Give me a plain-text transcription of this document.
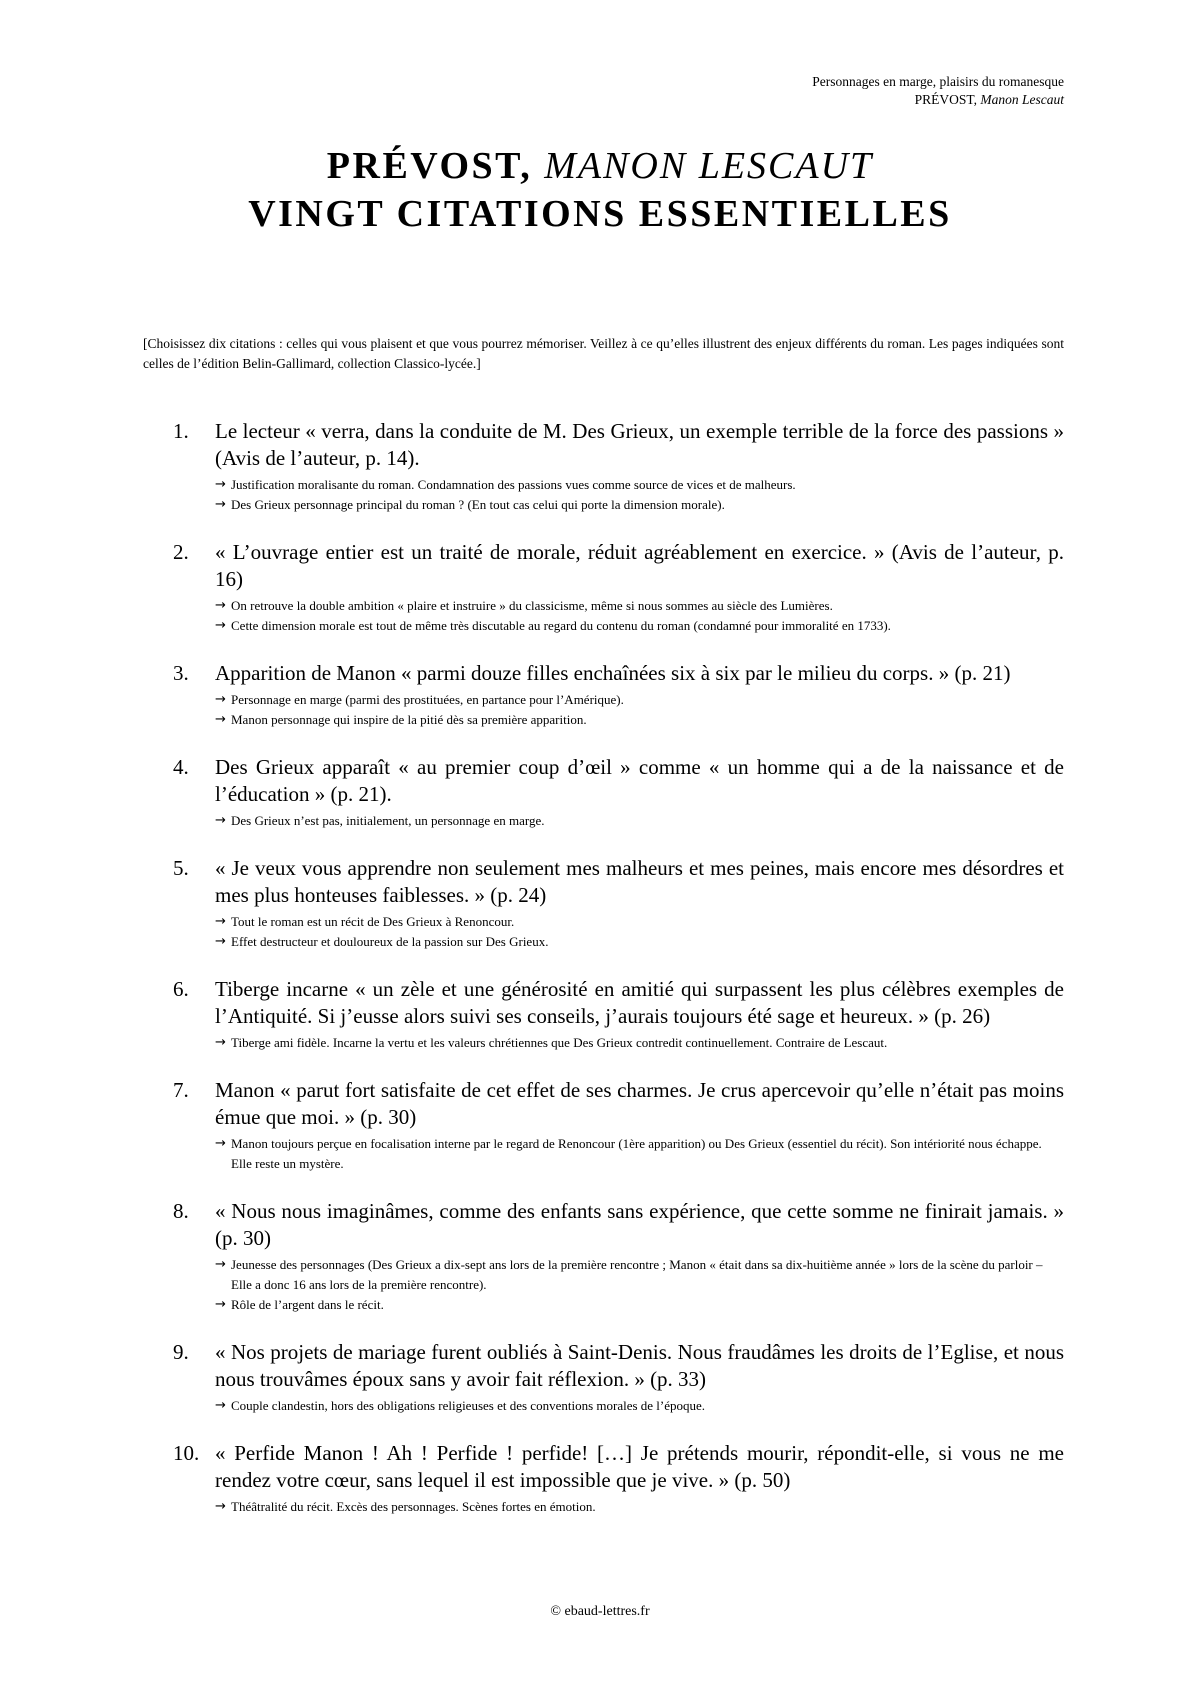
Personnages en marge, plaisirs du romanesque
PRÉVOST, Manon Lescaut
PRÉVOST, MANON LESCAUT
VINGT CITATIONS ESSENTIELLES
[Choisissez dix citations : celles qui vous plaisent et que vous pourrez mémoriser. Veillez à ce qu’elles illustrent des enjeux différents du roman. Les pages indiquées sont celles de l’édition Belin-Gallimard, collection Classico-lycée.]
1. Le lecteur « verra, dans la conduite de M. Des Grieux, un exemple terrible de la force des passions » (Avis de l’auteur, p. 14).
→ Justification moralisante du roman. Condamnation des passions vues comme source de vices et de malheurs.
→ Des Grieux personnage principal du roman ? (En tout cas celui qui porte la dimension morale).
2. « L’ouvrage entier est un traité de morale, réduit agréablement en exercice. » (Avis de l’auteur, p. 16)
→ On retrouve la double ambition « plaire et instruire » du classicisme, même si nous sommes au siècle des Lumières.
→ Cette dimension morale est tout de même très discutable au regard du contenu du roman (condamné pour immoralité en 1733).
3. Apparition de Manon « parmi douze filles enchaînées six à six par le milieu du corps. » (p. 21)
→ Personnage en marge (parmi des prostituées, en partance pour l’Amérique).
→ Manon personnage qui inspire de la pitié dès sa première apparition.
4. Des Grieux apparaît « au premier coup d’œil » comme « un homme qui a de la naissance et de l’éducation » (p. 21).
→ Des Grieux n’est pas, initialement, un personnage en marge.
5. « Je veux vous apprendre non seulement mes malheurs et mes peines, mais encore mes désordres et mes plus honteuses faiblesses. » (p. 24)
→ Tout le roman est un récit de Des Grieux à Renoncour.
→ Effet destructeur et douloureux de la passion sur Des Grieux.
6. Tiberge incarne « un zèle et une générosité en amitié qui surpassent les plus célèbres exemples de l’Antiquité. Si j’eusse alors suivi ses conseils, j’aurais toujours été sage et heureux. » (p. 26)
→ Tiberge ami fidèle. Incarne la vertu et les valeurs chrétiennes que Des Grieux contredit continuellement. Contraire de Lescaut.
7. Manon « parut fort satisfaite de cet effet de ses charmes. Je crus apercevoir qu’elle n’était pas moins émue que moi. » (p. 30)
→ Manon toujours perçue en focalisation interne par le regard de Renoncour (1ère apparition) ou Des Grieux (essentiel du récit). Son intériorité nous échappe. Elle reste un mystère.
8. « Nous nous imaginâmes, comme des enfants sans expérience, que cette somme ne finirait jamais. » (p. 30)
→ Jeunesse des personnages (Des Grieux a dix-sept ans lors de la première rencontre ; Manon « était dans sa dix-huitième année » lors de la scène du parloir – Elle a donc 16 ans lors de la première rencontre).
→ Rôle de l’argent dans le récit.
9. « Nos projets de mariage furent oubliés à Saint-Denis. Nous fraudâmes les droits de l’Eglise, et nous nous trouvâmes époux sans y avoir fait réflexion. » (p. 33)
→ Couple clandestin, hors des obligations religieuses et des conventions morales de l’époque.
10. « Perfide Manon ! Ah ! Perfide ! perfide! […] Je prétends mourir, répondit-elle, si vous ne me rendez votre cœur, sans lequel il est impossible que je vive. » (p. 50)
→ Théâtralité du récit. Excès des personnages. Scènes fortes en émotion.
© ebaud-lettres.fr
